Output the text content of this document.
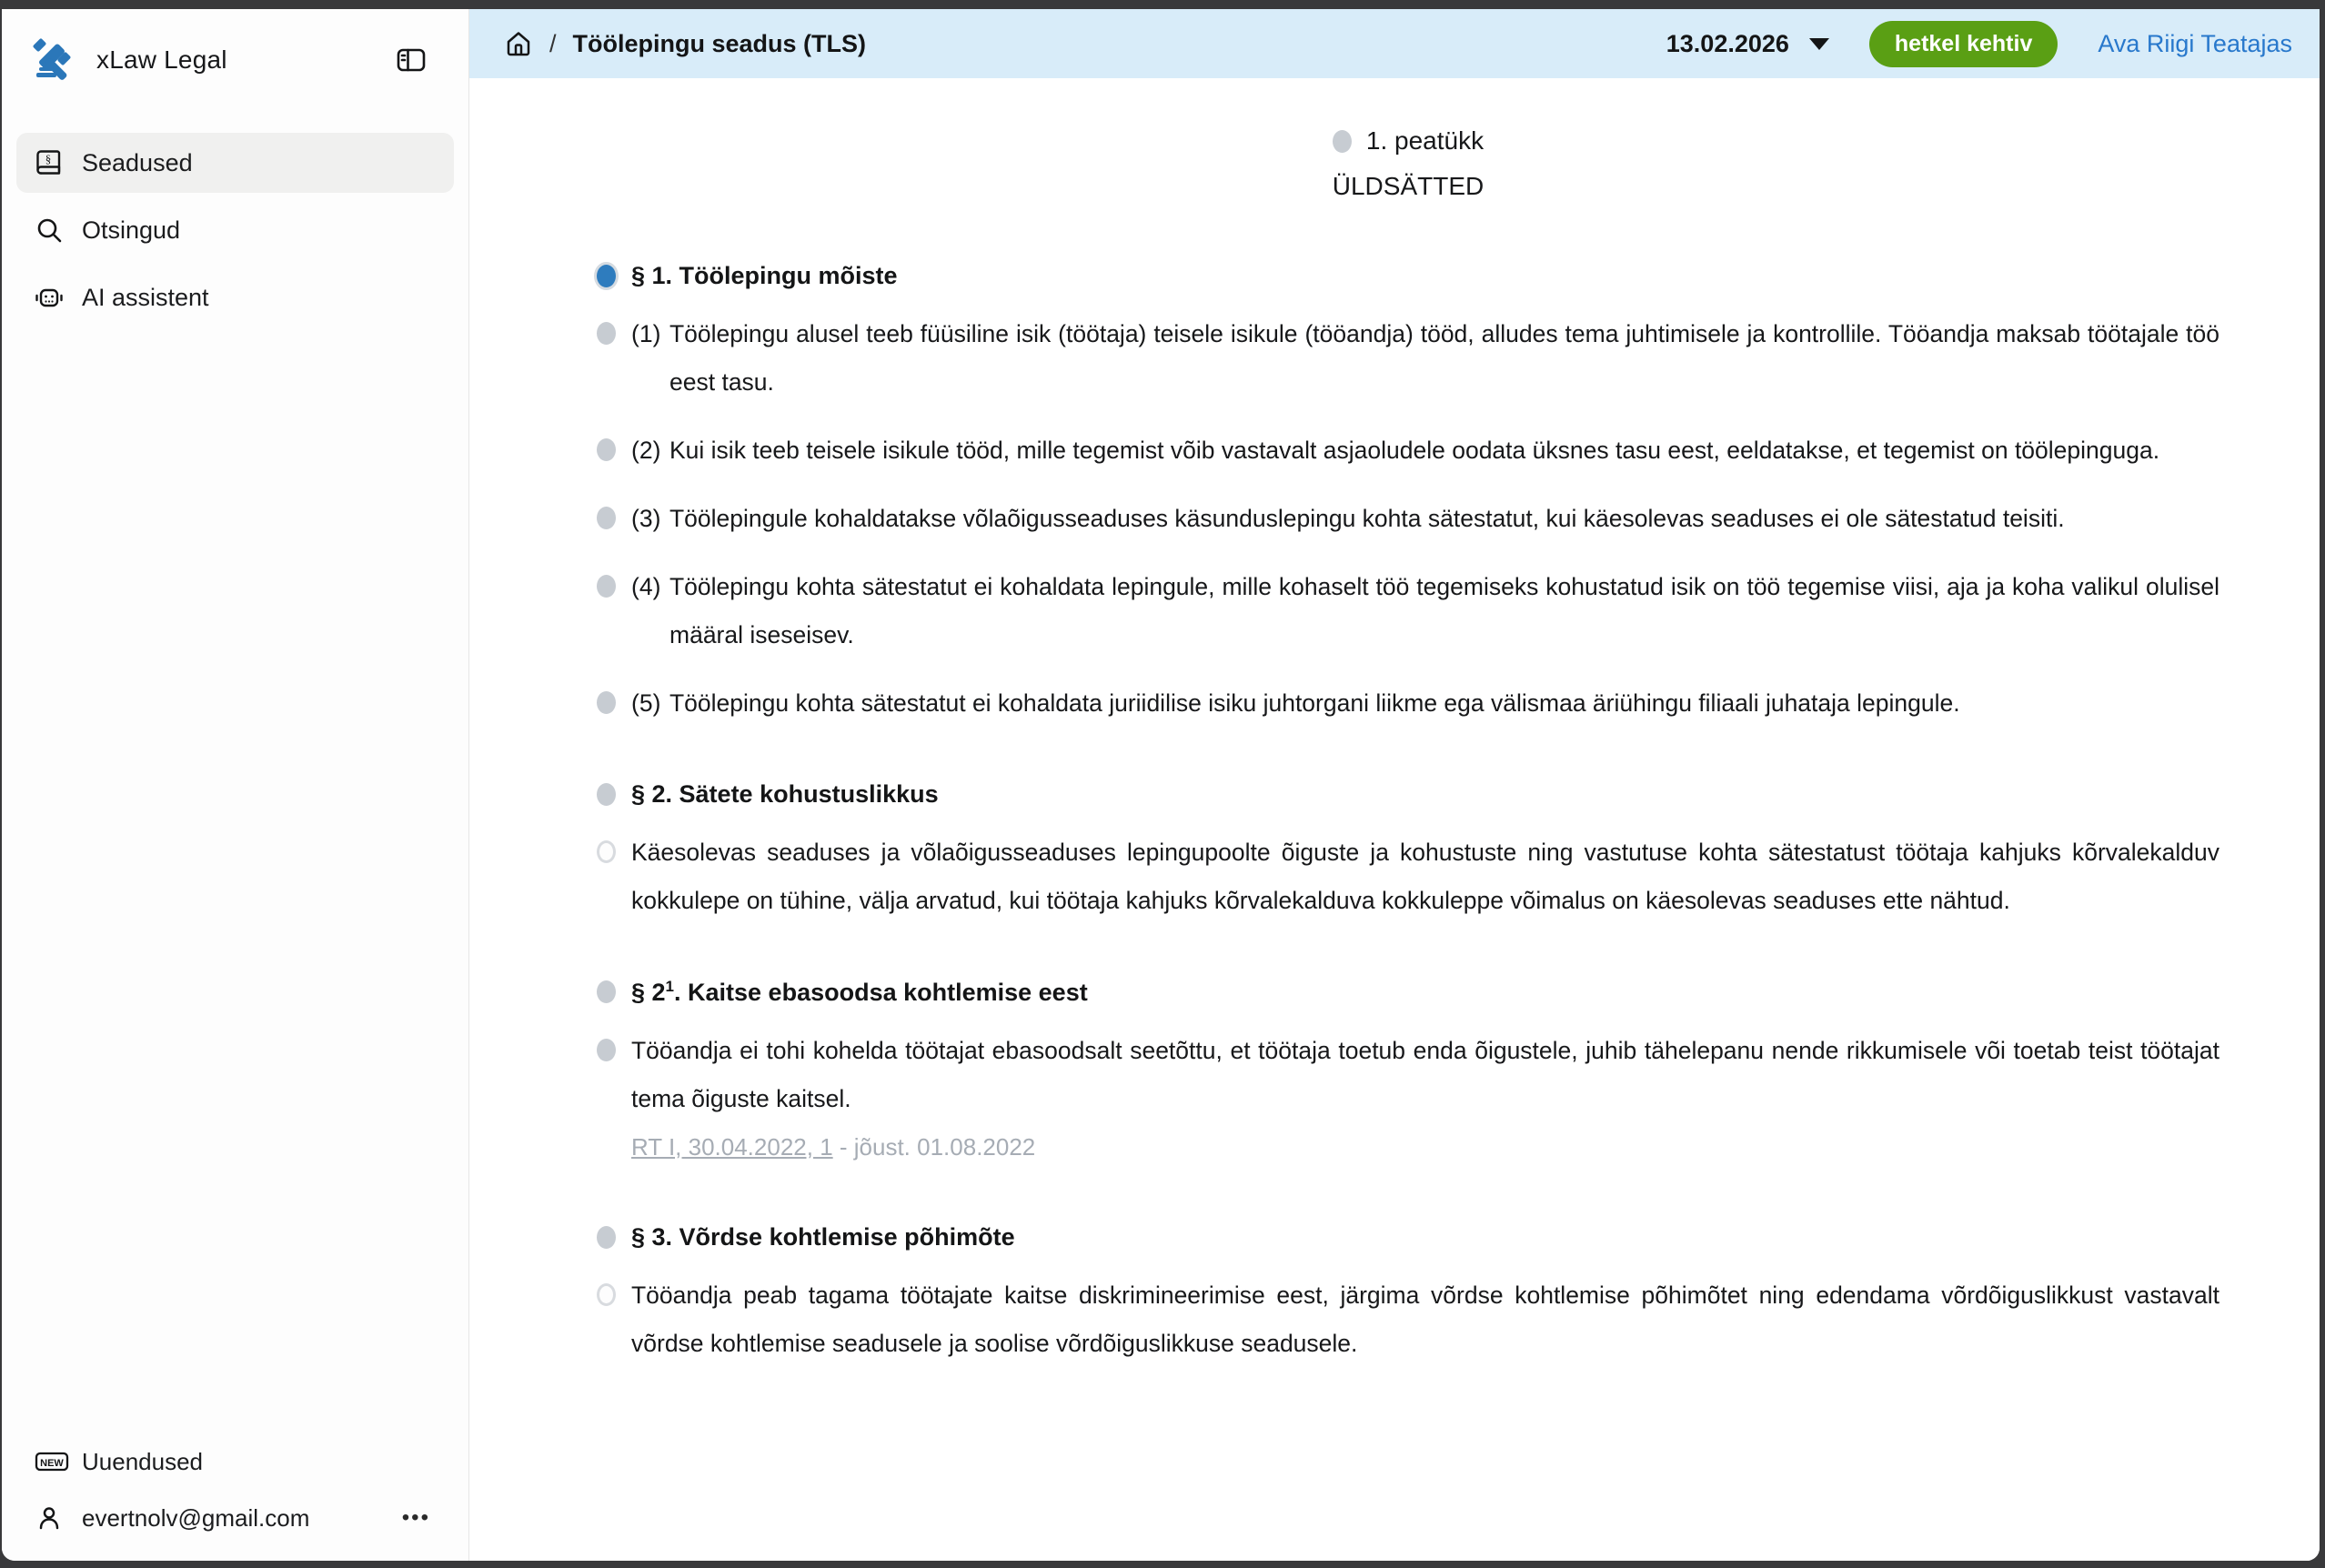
xLaw Legal
§ Seadused
Otsingud
AI assistent
NEW Uuendused
evertnolv@gmail.com	•••
/ Töölepingu seadus (TLS)	13.02.2026	hetkel kehtiv	Ava Riigi Teatajas
1. peatükk
ÜLDSÄTTED
§ 1. Töölepingu mõiste

(1) Töölepingu alusel teeb füüsiline isik (töötaja) teisele isikule (tööandja) tööd, alludes tema juhtimisele ja kontrollile. Tööandja maksab töötajale töö eest tasu.

(2) Kui isik teeb teisele isikule tööd, mille tegemist võib vastavalt asjaoludele oodata üksnes tasu eest, eeldatakse, et tegemist on töölepinguga.

(3) Töölepingule kohaldatakse võlaõigusseaduses käsunduslepingu kohta sätestatut, kui käesolevas seaduses ei ole sätestatud teisiti.

(4) Töölepingu kohta sätestatut ei kohaldata lepingule, mille kohaselt töö tegemiseks kohustatud isik on töö tegemise viisi, aja ja koha valikul olulisel määral iseseisev.

(5) Töölepingu kohta sätestatut ei kohaldata juriidilise isiku juhtorgani liikme ega välismaa äriühingu filiaali juhataja lepingule.

§ 2. Sätete kohustuslikkus

Käesolevas seaduses ja võlaõigusseaduses lepingupoolte õiguste ja kohustuste ning vastutuse kohta sätestatust töötaja kahjuks kõrvalekalduv kokkulepe on tühine, välja arvatud, kui töötaja kahjuks kõrvalekalduva kokkuleppe võimalus on käesolevas seaduses ette nähtud.

§ $2^1$. Kaitse ebasoodsa kohtlemise eest

Tööandja ei tohi kohelda töötajat ebasoodsalt seetõttu, et töötaja toetub enda õigustele, juhib tähelepanu nende rikkumisele või toetab teist töötajat tema õiguste kaitsel.

RT I, 30.04.2022, 1 - jõust. 01.08.2022
§ 3. Võrdse kohtlemise põhimõte

Tööandja peab tagama töötajate kaitse diskrimineerimise eest, järgima võrdse kohtlemise põhimõtet ning edendama võrdõiguslikkust vastavalt võrdse kohtlemise seadusele ja soolise võrdõiguslikkuse seadusele.
